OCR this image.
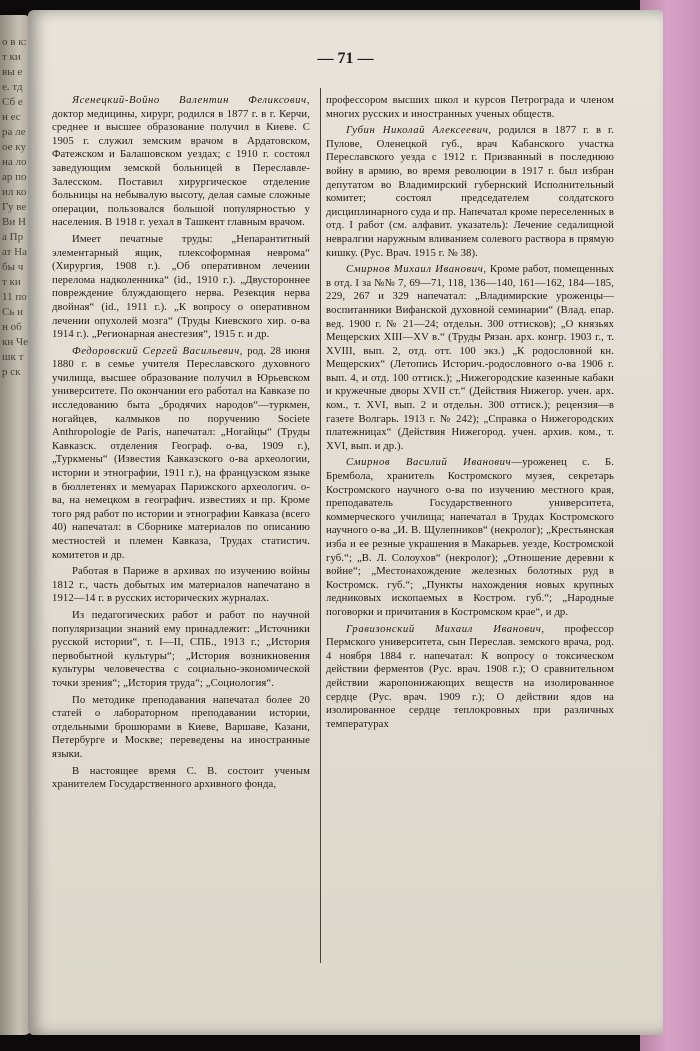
о в к: т ки вы ее. тд Сб ен ес ра ле ое ку на ло ар по ил ко Гу ве Ви На Пр ат На бы чт ки 11 по Сь ин об кн Че шк тр ск
— 71 —

Ясенецкий-Войно Валентин Феликсович, доктор медицины, хирург, родился в 1877 г. в г. Керчи, среднее и высшее образование получил в Киеве. С 1905 г. служил земским врачом в Ардатовском, Фатежском и Балашовском уездах; с 1910 г. состоял заведующим земской больницей в Переславле-Залесском. Поставил хирургическое отделение больницы на небывалую высоту, делая самые сложные операции, пользовался большой популярностью у населения. В 1918 г. уехал в Ташкент главным врачом.

Имеет печатные труды: „Непарантитный элементарный ящик, плексоформная неврома“ (Хирургия, 1908 г.). „Об оперативном лечении перелома надколенника“ (id., 1910 г.). „Двустороннее повреждение блуждающего нерва. Резекция нерва двойная“ (id., 1911 г.). „К вопросу о оперативном лечении опухолей мозга“ (Труды Киевского хир. о-ва 1914 г.). „Регионарная анестезия“, 1915 г. и др.

Федоровский Сергей Васильевич, род. 28 июня 1880 г. в семье учителя Переславского духовного училища, высшее образование получил в Юрьевском университете. По окончании его работал на Кавказе по исследованию быта „бродячих народов“—туркмен, ногайцев, калмыков по поручению Societe Anthropologie de Paris, напечатал: „Ногайцы“ (Труды Кавказск. отделения Географ. о-ва, 1909 г.), „Туркмены“ (Известия Кавказского о-ва археологии, истории и этнографии, 1911 г.), на французском языке в бюллетенях и мемуарах Парижского археологич. о-ва, на немецком в географич. известиях и пр. Кроме того ряд работ по истории и этнографии Кавказа (всего 40) напечатал: в Сборнике материалов по описанию местностей и племен Кавказа, Трудах статистич. комитетов и др.

Работая в Париже в архивах по изучению войны 1812 г., часть добытых им материалов напечатано в 1912—14 г. в русских исторических журналах.

Из педагогических работ и работ по научной популяризации знаний ему принадлежит: „Источники русской истории“, т. I—II, СПБ., 1913 г.; „История первобытной культуры“; „История возникновения культуры человечества с социально-экономической точки зрения“; „История труда“; „Социология“.

По методике преподавания напечатал более 20 статей о лабораторном преподавании истории, отдельными брошюрами в Киеве, Варшаве, Казани, Петербурге и Москве; переведены на иностранные языки.

В настоящее время С. В. состоит ученым хранителем Государственного архивного фонда,

профессором высших школ и курсов Петрограда и членом многих русских и иностранных ученых обществ.

Губин Николай Алексеевич, родился в 1877 г. в г. Пулове, Оленецкой губ., врач Кабанского участка Переславского уезда с 1912 г. Призванный в последнюю войну в армию, во время революции в 1917 г. был избран депутатом во Владимирский губернский Исполнительный комитет; состоял председателем солдатского дисциплинарного суда и пр. Напечатал кроме переселенных в отд. I работ (см. алфавит. указатель): Лечение седалищной невралгии наружным вливанием солевого раствора в прямую кишку. (Рус. Врач. 1915 г. № 38).

Смирнов Михаил Иванович, Кроме работ, помещенных в отд. I за №№ 7, 69—71, 118, 136—140, 161—162, 184—185, 229, 267 и 329 напечатал: „Владимирские уроженцы—воспитанники Вифанской духовной семинарии“ (Влад. епар. вед. 1900 г. № 21—24; отдельн. 300 оттисков); „О князьях Мещерских XIII—XV в.“ (Труды Рязан. арх. конгр. 1903 г., т. XVIII, вып. 2, отд. отт. 100 экз.) „К родословной кн. Мещерских“ (Летопись Историч.-родословного о-ва 1906 г. вып. 4, и отд. 100 оттиск.); „Нижегородские казенные кабаки и кружечные дворы XVII ст.“ (Действия Нижегор. учен. арх. ком., т. XVI, вып. 2 и отдельн. 300 оттиск.); рецензия—в газете Волгарь. 1913 г. № 242); „Справка о Нижегородских платежницах“ (Действия Нижегород. учен. архив. ком., т. XVI, вып. и др.).

Смирнов Василий Иванович—уроженец с. Б. Брембола, хранитель Костромского музея, секретарь Костромского научного о-ва по изучению местного края, преподаватель Государственного университета, коммерческого училища; напечатал в Трудах Костромского научного о-ва „И. В. Щулепников“ (некролог); „Крестьянская изба и ее резные украшения в Макарьев. уезде, Костромской губ.“; „В. Л. Солоухов“ (некролог); „Отношение деревни к войне“; „Местонахождение железных болотных руд в Костромск. губ.“; „Пункты нахождения новых крупных ледниковых ископаемых в Костром. губ.“; „Народные поговорки и причитания в Костромском крае“, и др.

Гравизонский Михаил Иванович, профессор Пермского университета, сын Переслав. земского врача, род. 4 ноября 1884 г. напечатал: К вопросу о токсическом действии ферментов (Рус. врач. 1908 г.); О сравнительном действии жаропонижающих веществ на изолированное сердце (Рус. врач. 1909 г.); О действии ядов на изолированное сердце теплокровных при различных температурах
